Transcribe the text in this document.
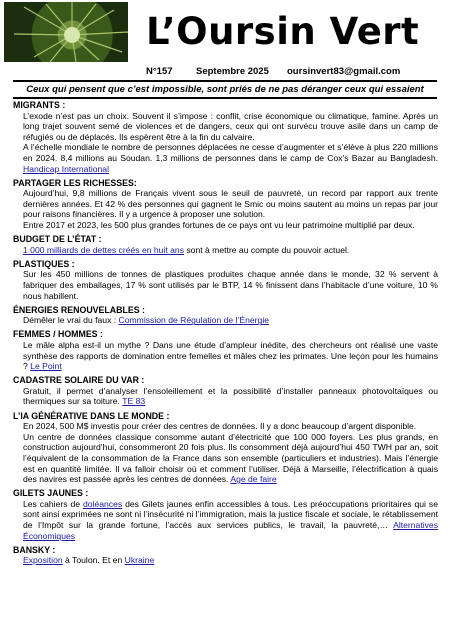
L’Oursin Vert
N°157 Septembre 2025 oursinvert83@gmail.com
Ceux qui pensent que c’est impossible, sont priés de ne pas déranger ceux qui essaient
MIGRANTS :
L’exode n’est pas un choix. Souvent il s’impose : conflit, crise économique ou climatique, famine. Après un long trajet souvent semé de violences et de dangers, ceux qui ont survécu trouve asile dans un camp de réfugiés ou de déplacés. Ils espèrent être à la fin du calvaire.
A l’échelle mondiale le nombre de personnes déplacées ne cesse d’augmenter et s’élève à plus 220 millions en 2024. 8,4 millions au Soudan. 1,3 millions de personnes dans le camp de Cox’s Bazar au Bangladesh. Handicap International
PARTAGER LES RICHESSES:
Aujourd’hui, 9,8 millions de Français vivent sous le seuil de pauvreté, un record par rapport aux trente dernières années. Et 42 % des personnes qui gagnent le Smic ou moins sautent au moins un repas par jour pour raisons financières. Il y a urgence à proposer une solution.
Entre 2017 et 2023, les 500 plus grandes fortunes de ce pays ont vu leur patrimoine multiplié par deux.
BUDGET DE L’ÉTAT :
1 000 milliards de dettes créés en huit ans sont à mettre au compte du pouvoir actuel.
PLASTIQUES :
Sur les 450 millions de tonnes de plastiques produites chaque année dans le monde, 32 % servent à fabriquer des emballages, 17 % sont utilisés par le BTP, 14 % finissent dans l’habitacle d’une voiture, 10 % nous habillent.
ÉNERGIES RENOUVELABLES :
Démêler le vrai du faux : Commission de Régulation de l’Énergie
FEMMES / HOMMES :
Le mâle alpha est-il un mythe ? Dans une étude d’ampleur inédite, des chercheurs ont réalisé une vaste synthèse des rapports de domination entre femelles et mâles chez les primates. Une leçon pour les humains ? Le Point
CADASTRE SOLAIRE DU VAR :
Gratuit, il permet d’analyser l’ensoleillement et la possibilité d’installer panneaux photovoltaïques ou thermiques sur sa toiture. TE 83
L’IA GÉNÉRATIVE DANS LE MONDE :
En 2024, 500 M$ investis pour créer des centres de données. Il y a donc beaucoup d’argent disponible.
Un centre de données classique consomme autant d’électricité que 100 000 foyers. Les plus grands, en construction aujourd’hui, consommeront 20 fois plus. Ils consomment déjà aujourd’hui 450 TWH par an, soit l’équivalent de la consommation de la France dans son ensemble (particuliers et industries). Mais l’énergie est en quantité limitée. Il va falloir choisir où et comment l’utiliser. Déjà à Marseille, l’électrification à quais des navires est passée après les centres de données. Age de faire
GILETS JAUNES :
Les cahiers de doléances des Gilets jaunes enfin accessibles à tous. Les préoccupations prioritaires qui se sont ainsi exprimées ne sont ni l’insécurité ni l’immigration, mais la justice fiscale et sociale, le rétablissement de l’Impôt sur la grande fortune, l’accès aux services publics, le travail, la pauvreté,… Alternatives Économiques
BANSKY :
Exposition à Toulon. Et en Ukraine
